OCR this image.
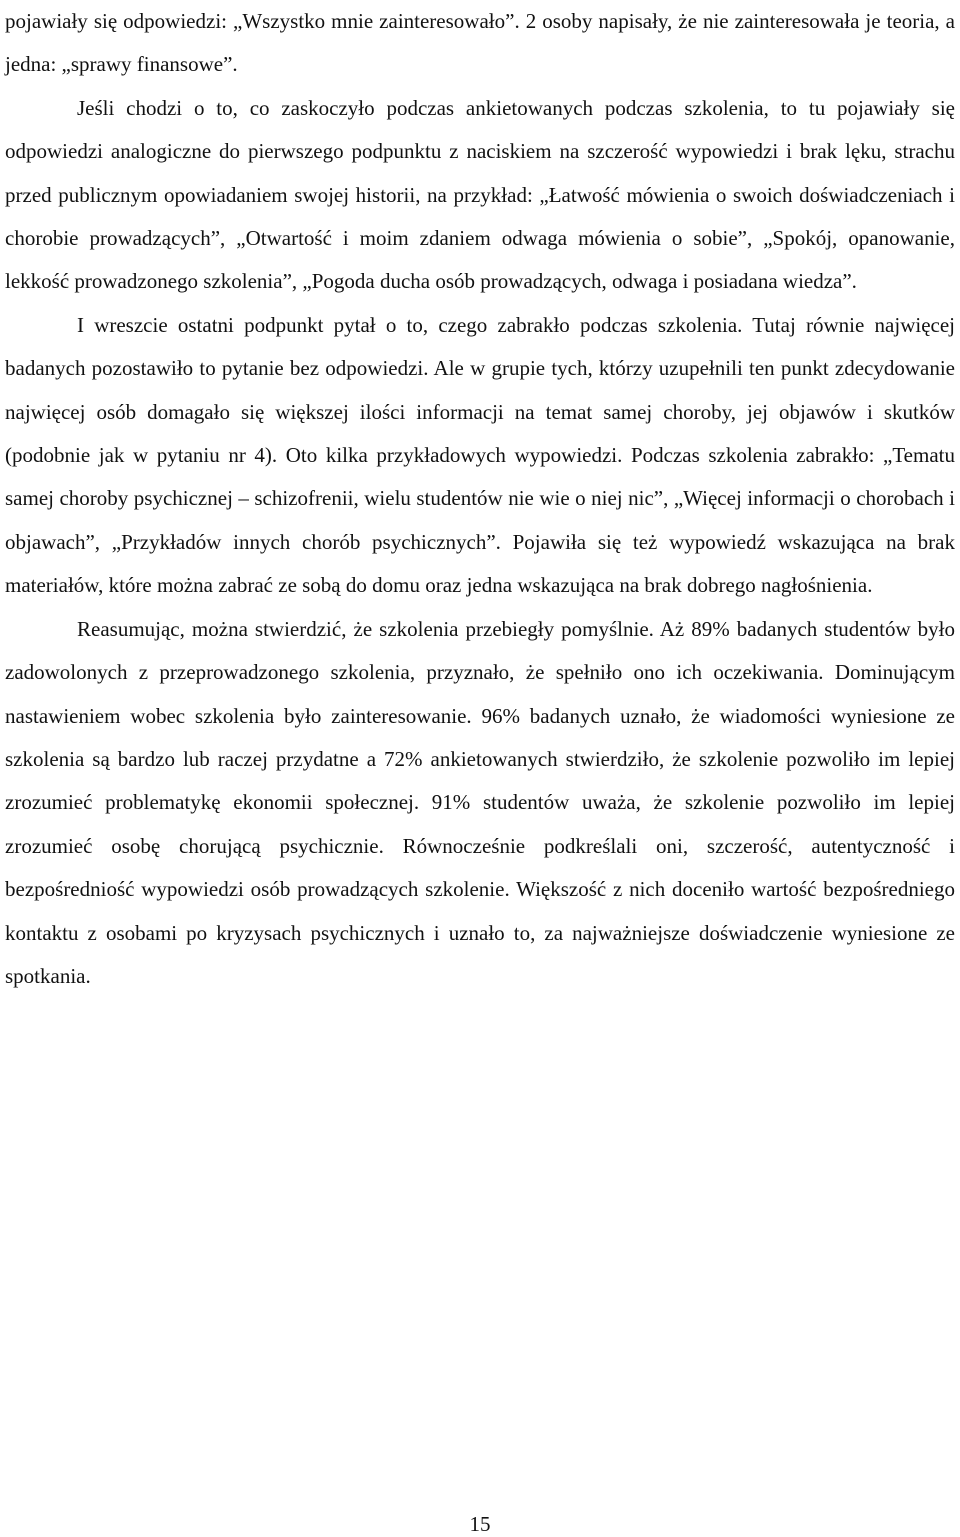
pojawiały się odpowiedzi: „Wszystko mnie zainteresowało”. 2 osoby napisały, że nie zainteresowała je teoria, a jedna: „sprawy finansowe”.

Jeśli chodzi o to, co zaskoczyło podczas ankietowanych podczas szkolenia, to tu pojawiały się odpowiedzi analogiczne do pierwszego podpunktu z naciskiem na szczerość wypowiedzi i brak lęku, strachu przed publicznym opowiadaniem swojej historii, na przykład: „Łatwość mówienia o swoich doświadczeniach i chorobie prowadzących”, „Otwartość i moim zdaniem odwaga mówienia o sobie”, „Spokój, opanowanie, lekkość prowadzonego szkolenia”, „Pogoda ducha osób prowadzących, odwaga i posiadana wiedza”.

I wreszcie ostatni podpunkt pytał o to, czego zabrakło podczas szkolenia. Tutaj równie najwięcej badanych pozostawiło to pytanie bez odpowiedzi. Ale w grupie tych, którzy uzupełnili ten punkt zdecydowanie najwięcej osób domagało się większej ilości informacji na temat samej choroby, jej objawów i skutków (podobnie jak w pytaniu nr 4). Oto kilka przykładowych wypowiedzi. Podczas szkolenia zabrakło: „Tematu samej choroby psychicznej – schizofrenii, wielu studentów nie wie o niej nic”, „Więcej informacji o chorobach i objawach”, „Przykładów innych chorób psychicznych”. Pojawiła się też wypowiedź wskazująca na brak materiałów, które można zabrać ze sobą do domu oraz jedna wskazująca na brak dobrego nagłośnienia.

Reasumując, można stwierdzić, że szkolenia przebiegły pomyślnie. Aż 89% badanych studentów było zadowolonych z przeprowadzonego szkolenia, przyznało, że spełniło ono ich oczekiwania. Dominującym nastawieniem wobec szkolenia było zainteresowanie. 96% badanych uznało, że wiadomości wyniesione ze szkolenia są bardzo lub raczej przydatne a 72% ankietowanych stwierdziło, że szkolenie pozwoliło im lepiej zrozumieć problematykę ekonomii społecznej. 91% studentów uważa, że szkolenie pozwoliło im lepiej zrozumieć osobę chorującą psychicznie. Równocześnie podkreślali oni, szczerość, autentyczność i bezpośredniość wypowiedzi osób prowadzących szkolenie. Większość z nich doceniło wartość bezpośredniego kontaktu z osobami po kryzysach psychicznych i uznało to, za najważniejsze doświadczenie wyniesione ze spotkania.

15
